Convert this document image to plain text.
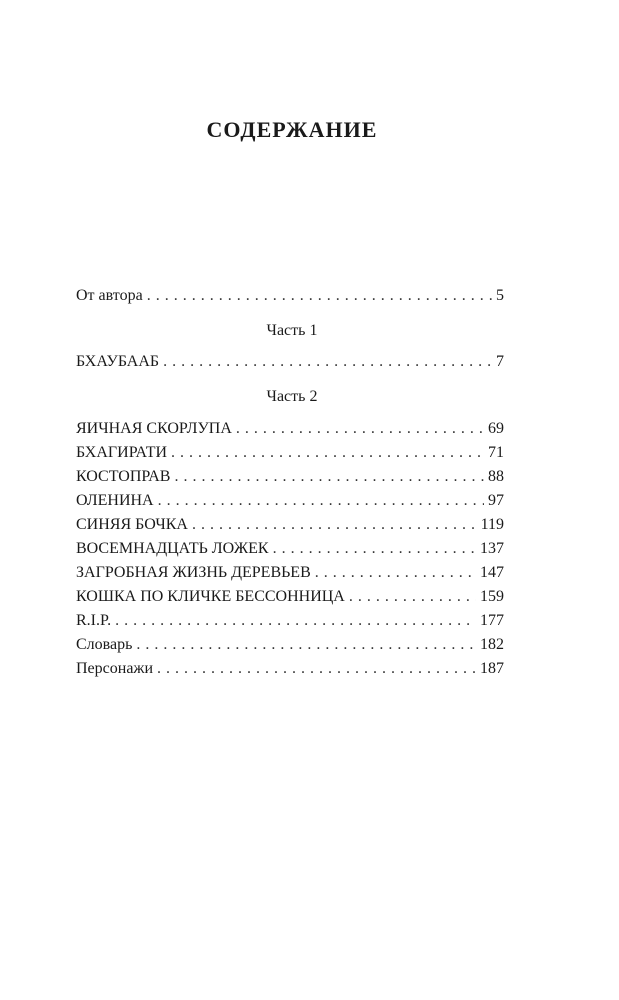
СОДЕРЖАНИЕ
От автора . . .	5
Часть 1
БХАУБААБ . . .	7
Часть 2
ЯИЧНАЯ СКОРЛУПА . . .	69
БХАГИРАТИ . . .	71
КОСТОПРАВ . . .	88
ОЛЕНИНА . . .	97
СИНЯЯ БОЧКА . . .	119
ВОСЕМНАДЦАТЬ ЛОЖЕК . . .	137
ЗАГРОБНАЯ ЖИЗНЬ ДЕРЕВЬЕВ . . .	147
КОШКА ПО КЛИЧКЕ БЕССОННИЦА . . .	159
R.I.P. . . .	177
Словарь . . .	182
Персонажи . . .	187
